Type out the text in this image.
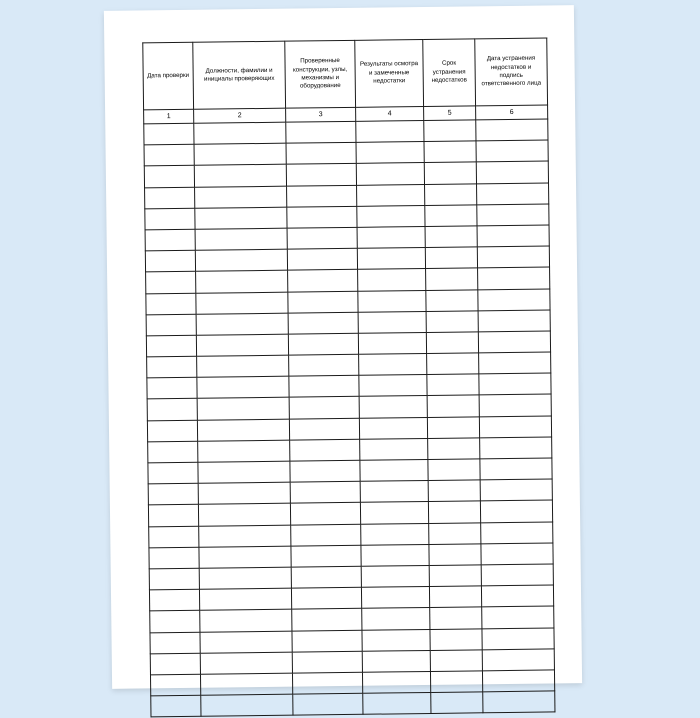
Дата проверки	Должности, фамилии и инициалы проверяющих	Проверенные конструкции, узлы, механизмы и оборудование	Результаты осмотра и замеченные недостатки	Срок устранения недостатков	Дата устранения недостатков и подпись ответственного лица
1	2	3	4	5	6
